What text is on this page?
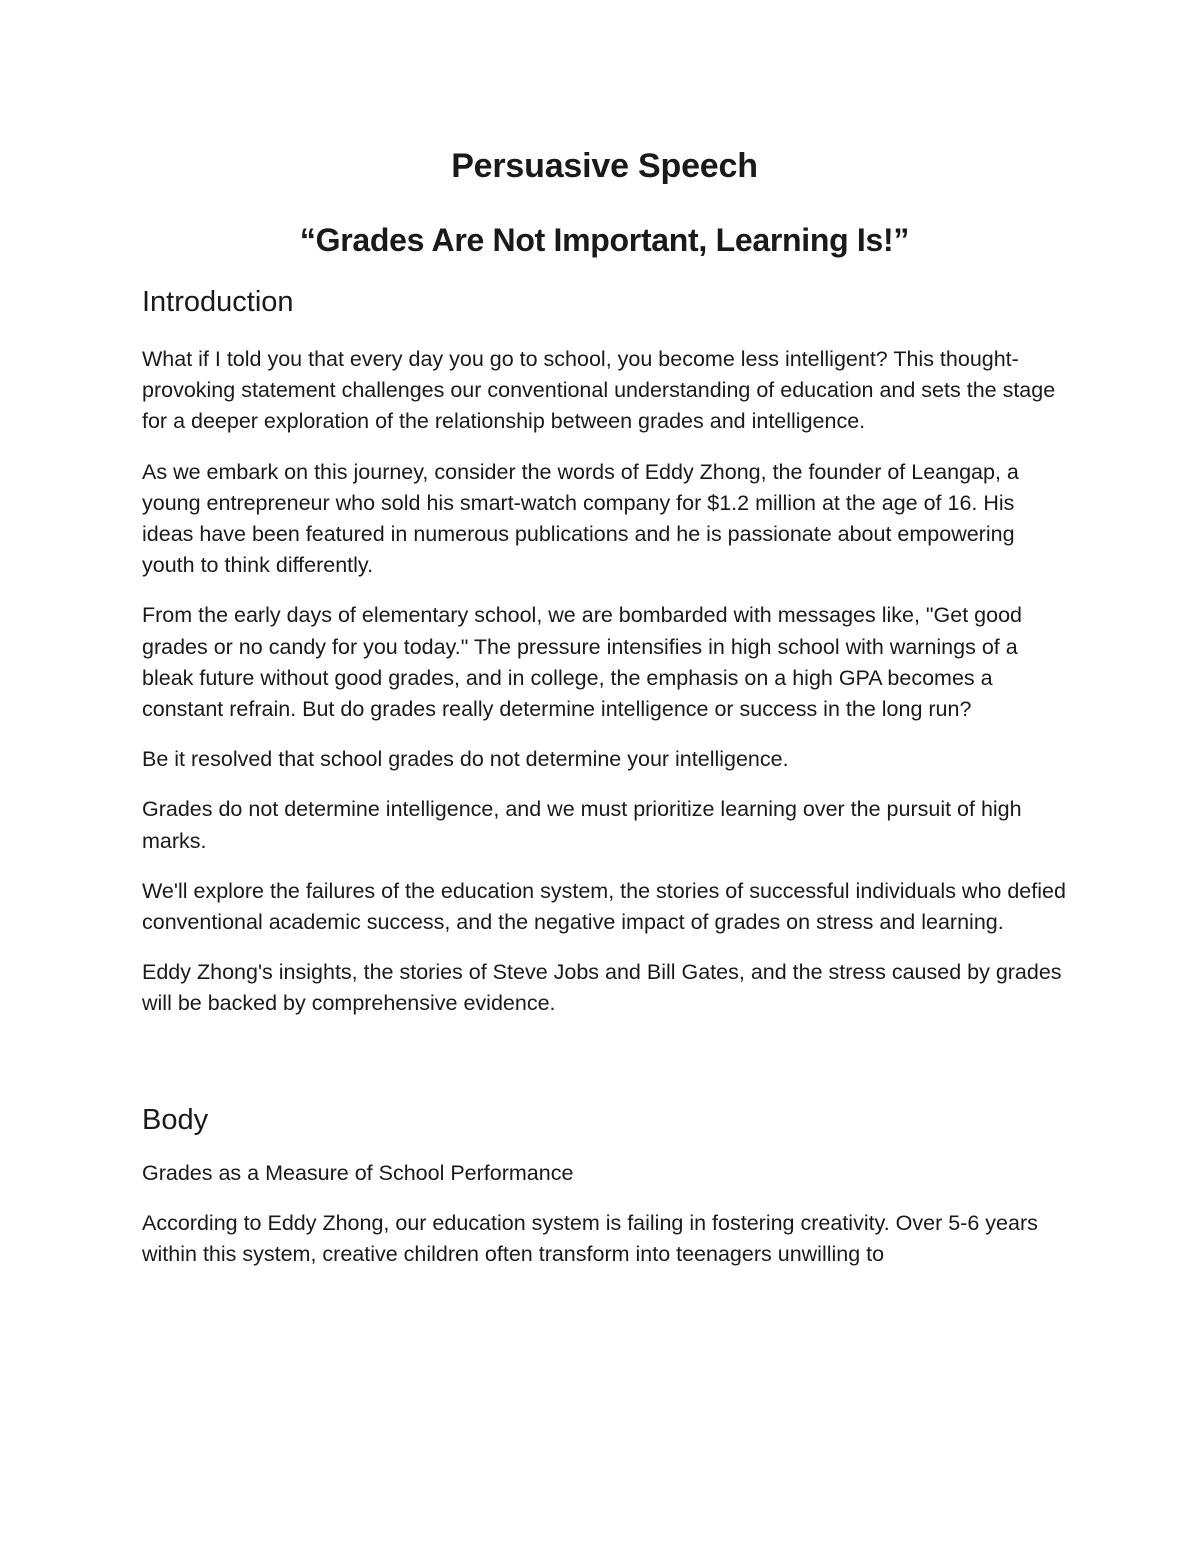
Persuasive Speech
“Grades Are Not Important, Learning Is!”
Introduction

What if I told you that every day you go to school, you become less intelligent? This thought-provoking statement challenges our conventional understanding of education and sets the stage for a deeper exploration of the relationship between grades and intelligence.

As we embark on this journey, consider the words of Eddy Zhong, the founder of Leangap, a young entrepreneur who sold his smart-watch company for $1.2 million at the age of 16. His ideas have been featured in numerous publications and he is passionate about empowering youth to think differently.

From the early days of elementary school, we are bombarded with messages like, "Get good grades or no candy for you today." The pressure intensifies in high school with warnings of a bleak future without good grades, and in college, the emphasis on a high GPA becomes a constant refrain. But do grades really determine intelligence or success in the long run?

Be it resolved that school grades do not determine your intelligence.

Grades do not determine intelligence, and we must prioritize learning over the pursuit of high marks.

We'll explore the failures of the education system, the stories of successful individuals who defied conventional academic success, and the negative impact of grades on stress and learning.

Eddy Zhong's insights, the stories of Steve Jobs and Bill Gates, and the stress caused by grades will be backed by comprehensive evidence.

Body

Grades as a Measure of School Performance

According to Eddy Zhong, our education system is failing in fostering creativity. Over 5-6 years within this system, creative children often transform into teenagers unwilling to
